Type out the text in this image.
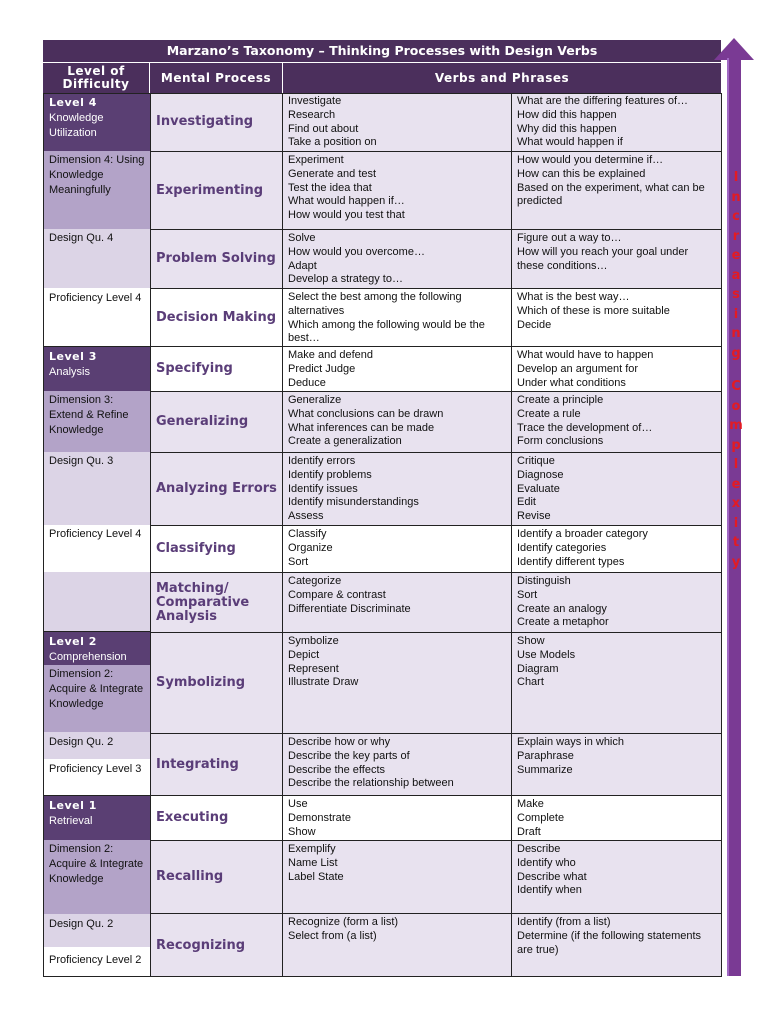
Marzano’s Taxonomy – Thinking Processes with Design Verbs
Level of Difficulty	Mental Process	Verbs and Phrases
Investigating
Investigate
Research
Find out about
Take a position on
What are the differing features of…
How did this happen
Why did this happen
What would happen if
Experimenting
Experiment
Generate and test
Test the idea that
What would happen if…
How would you test that
How would you determine if…
How can this be explained
Based on the experiment, what can be predicted
Problem Solving
Solve
How would you overcome…
Adapt
Develop a strategy to…
Figure out a way to…
How will you reach your goal under these conditions…
Decision Making
Select the best among the following alternatives
Which among the following would be the best…
What is the best way…
Which of these is more suitable
Decide
Specifying
Make and defend
Predict Judge
Deduce
What would have to happen
Develop an argument for
Under what conditions
Generalizing
Generalize
What conclusions can be drawn
What inferences can be made
Create a generalization
Create a principle
Create a rule
Trace the development of…
Form conclusions
Analyzing Errors
Identify errors
Identify problems
Identify issues
Identify misunderstandings
Assess
Critique
Diagnose
Evaluate
Edit
Revise
Classifying
Classify
Organize
Sort
Identify a broader category
Identify categories
Identify different types
Matching/ Comparative Analysis
Categorize
Compare & contrast
Differentiate Discriminate
Distinguish
Sort
Create an analogy
Create a metaphor
Symbolizing
Symbolize
Depict
Represent
Illustrate Draw
Show
Use Models
Diagram
Chart
Integrating
Describe how or why
Describe the key parts of
Describe the effects
Describe the relationship between
Explain ways in which
Paraphrase
Summarize
Executing
Use
Demonstrate
Show
Make
Complete
Draft
Recalling
Exemplify
Name List
Label State
Describe
Identify who
Describe what
Identify when
Recognizing
Recognize (form a list)
Select from (a list)
Identify (from a list)
Determine (if the following statements are true)
Level 4
Knowledge Utilization
Dimension 4: Using Knowledge Meaningfully
Design Qu. 4
Proficiency Level 4
Level 3
Analysis
Dimension 3: Extend & Refine Knowledge
Design Qu. 3
Proficiency Level 4
Level 2
Comprehension
Dimension 2: Acquire & Integrate Knowledge
Design Qu. 2
Proficiency Level 3
Level 1
Retrieval
Dimension 2: Acquire & Integrate Knowledge
Design Qu. 2
Proficiency Level 2
I
n
c
r
e
a
s
i
n
g
C
o
m
p
l
e
x
i
t
y
